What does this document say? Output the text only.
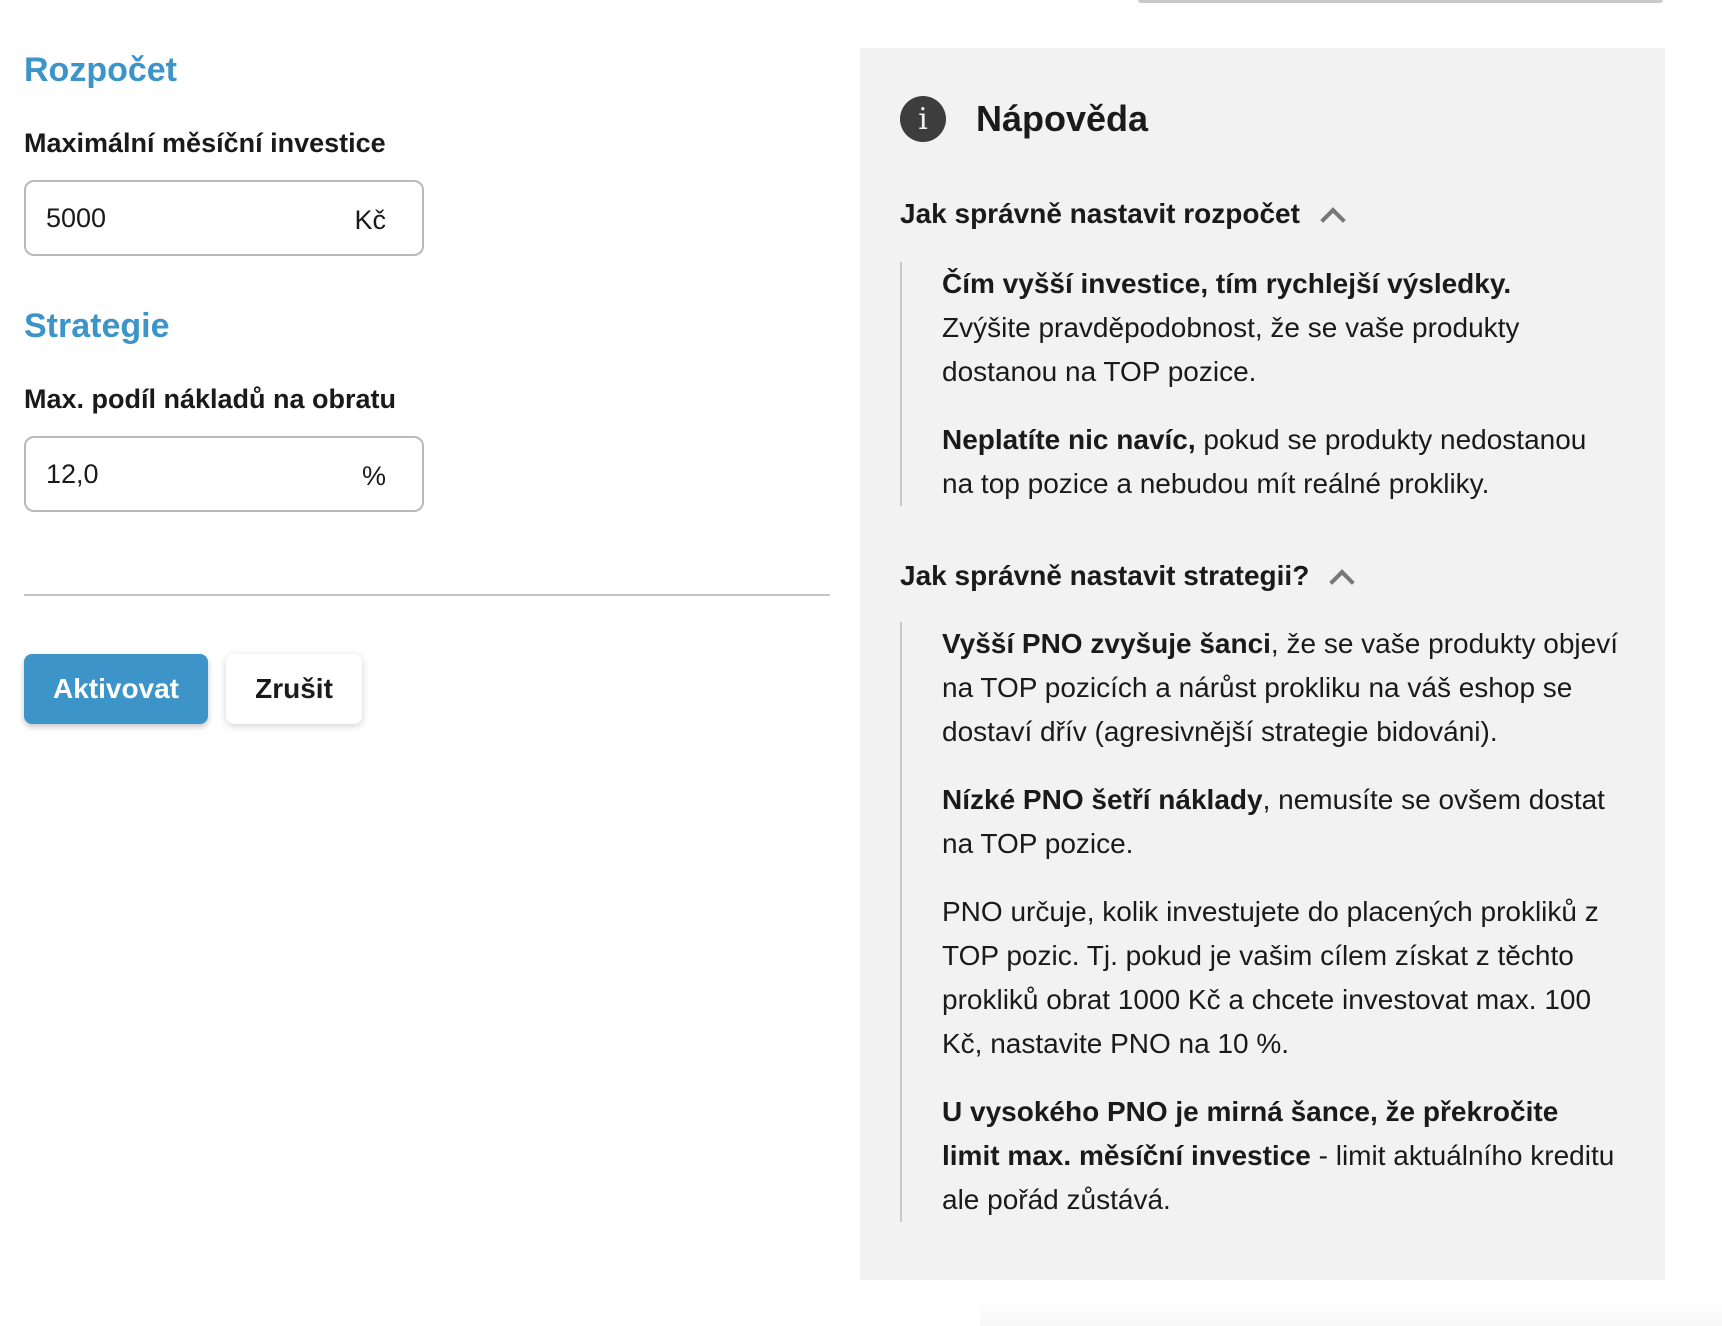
Rozpočet
Maximální měsíční investice
5000
Kč
Strategie
Max. podíl nákladů na obratu
12,0
%
Aktivovat	Zrušit
i	Nápověda
Jak správně nastavit rozpočet

Čím vyšší investice, tím rychlejší výsledky.
Zvýšite pravděpodobnost, že se vaše produkty dostanou na TOP pozice.

Neplatíte nic navíc, pokud se produkty nedostanou na top pozice a nebudou mít reálné prokliky.

Jak správně nastavit strategii?

Vyšší PNO zvyšuje šanci, že se vaše produkty objeví na TOP pozicích a nárůst prokliku na váš eshop se dostaví dřív (agresivnější strategie bidováni).

Nízké PNO šetří náklady, nemusíte se ovšem dostat na TOP pozice.

PNO určuje, kolik investujete do placených prokliků z TOP pozic. Tj. pokud je vašim cílem získat z těchto prokliků obrat 1000 Kč a chcete investovat max. 100 Kč, nastavite PNO na 10 %.

U vysokého PNO je mirná šance, že překročite limit max. měsíční investice - limit aktuálního kreditu ale pořád zůstává.
